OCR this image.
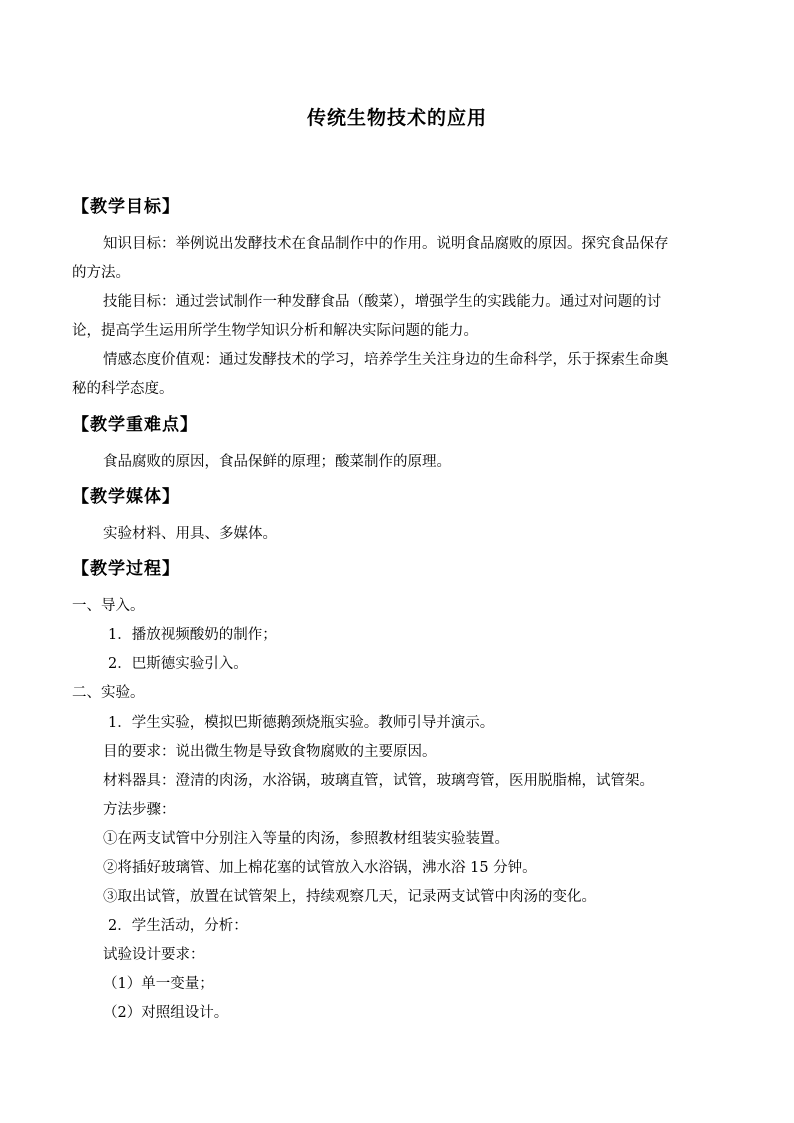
传统生物技术的应用
【教学目标】
知识目标：举例说出发酵技术在食品制作中的作用。说明食品腐败的原因。探究食品保存
的方法。
技能目标：通过尝试制作一种发酵食品（酸菜），增强学生的实践能力。通过对问题的讨
论，提高学生运用所学生物学知识分析和解决实际问题的能力。
情感态度价值观：通过发酵技术的学习，培养学生关注身边的生命科学，乐于探索生命奥
秘的科学态度。
【教学重难点】
食品腐败的原因，食品保鲜的原理；酸菜制作的原理。
【教学媒体】
实验材料、用具、多媒体。
【教学过程】
一、导入。
1．播放视频酸奶的制作；
2．巴斯德实验引入。
二、实验。
1．学生实验，模拟巴斯德鹅颈烧瓶实验。教师引导并演示。
目的要求：说出微生物是导致食物腐败的主要原因。
材料器具：澄清的肉汤，水浴锅，玻璃直管，试管，玻璃弯管，医用脱脂棉，试管架。
方法步骤：
①在两支试管中分别注入等量的肉汤，参照教材组装实验装置。
②将插好玻璃管、加上棉花塞的试管放入水浴锅，沸水浴 15 分钟。
③取出试管，放置在试管架上，持续观察几天，记录两支试管中肉汤的变化。
2．学生活动，分析：
试验设计要求：
（1）单一变量；
（2）对照组设计。
